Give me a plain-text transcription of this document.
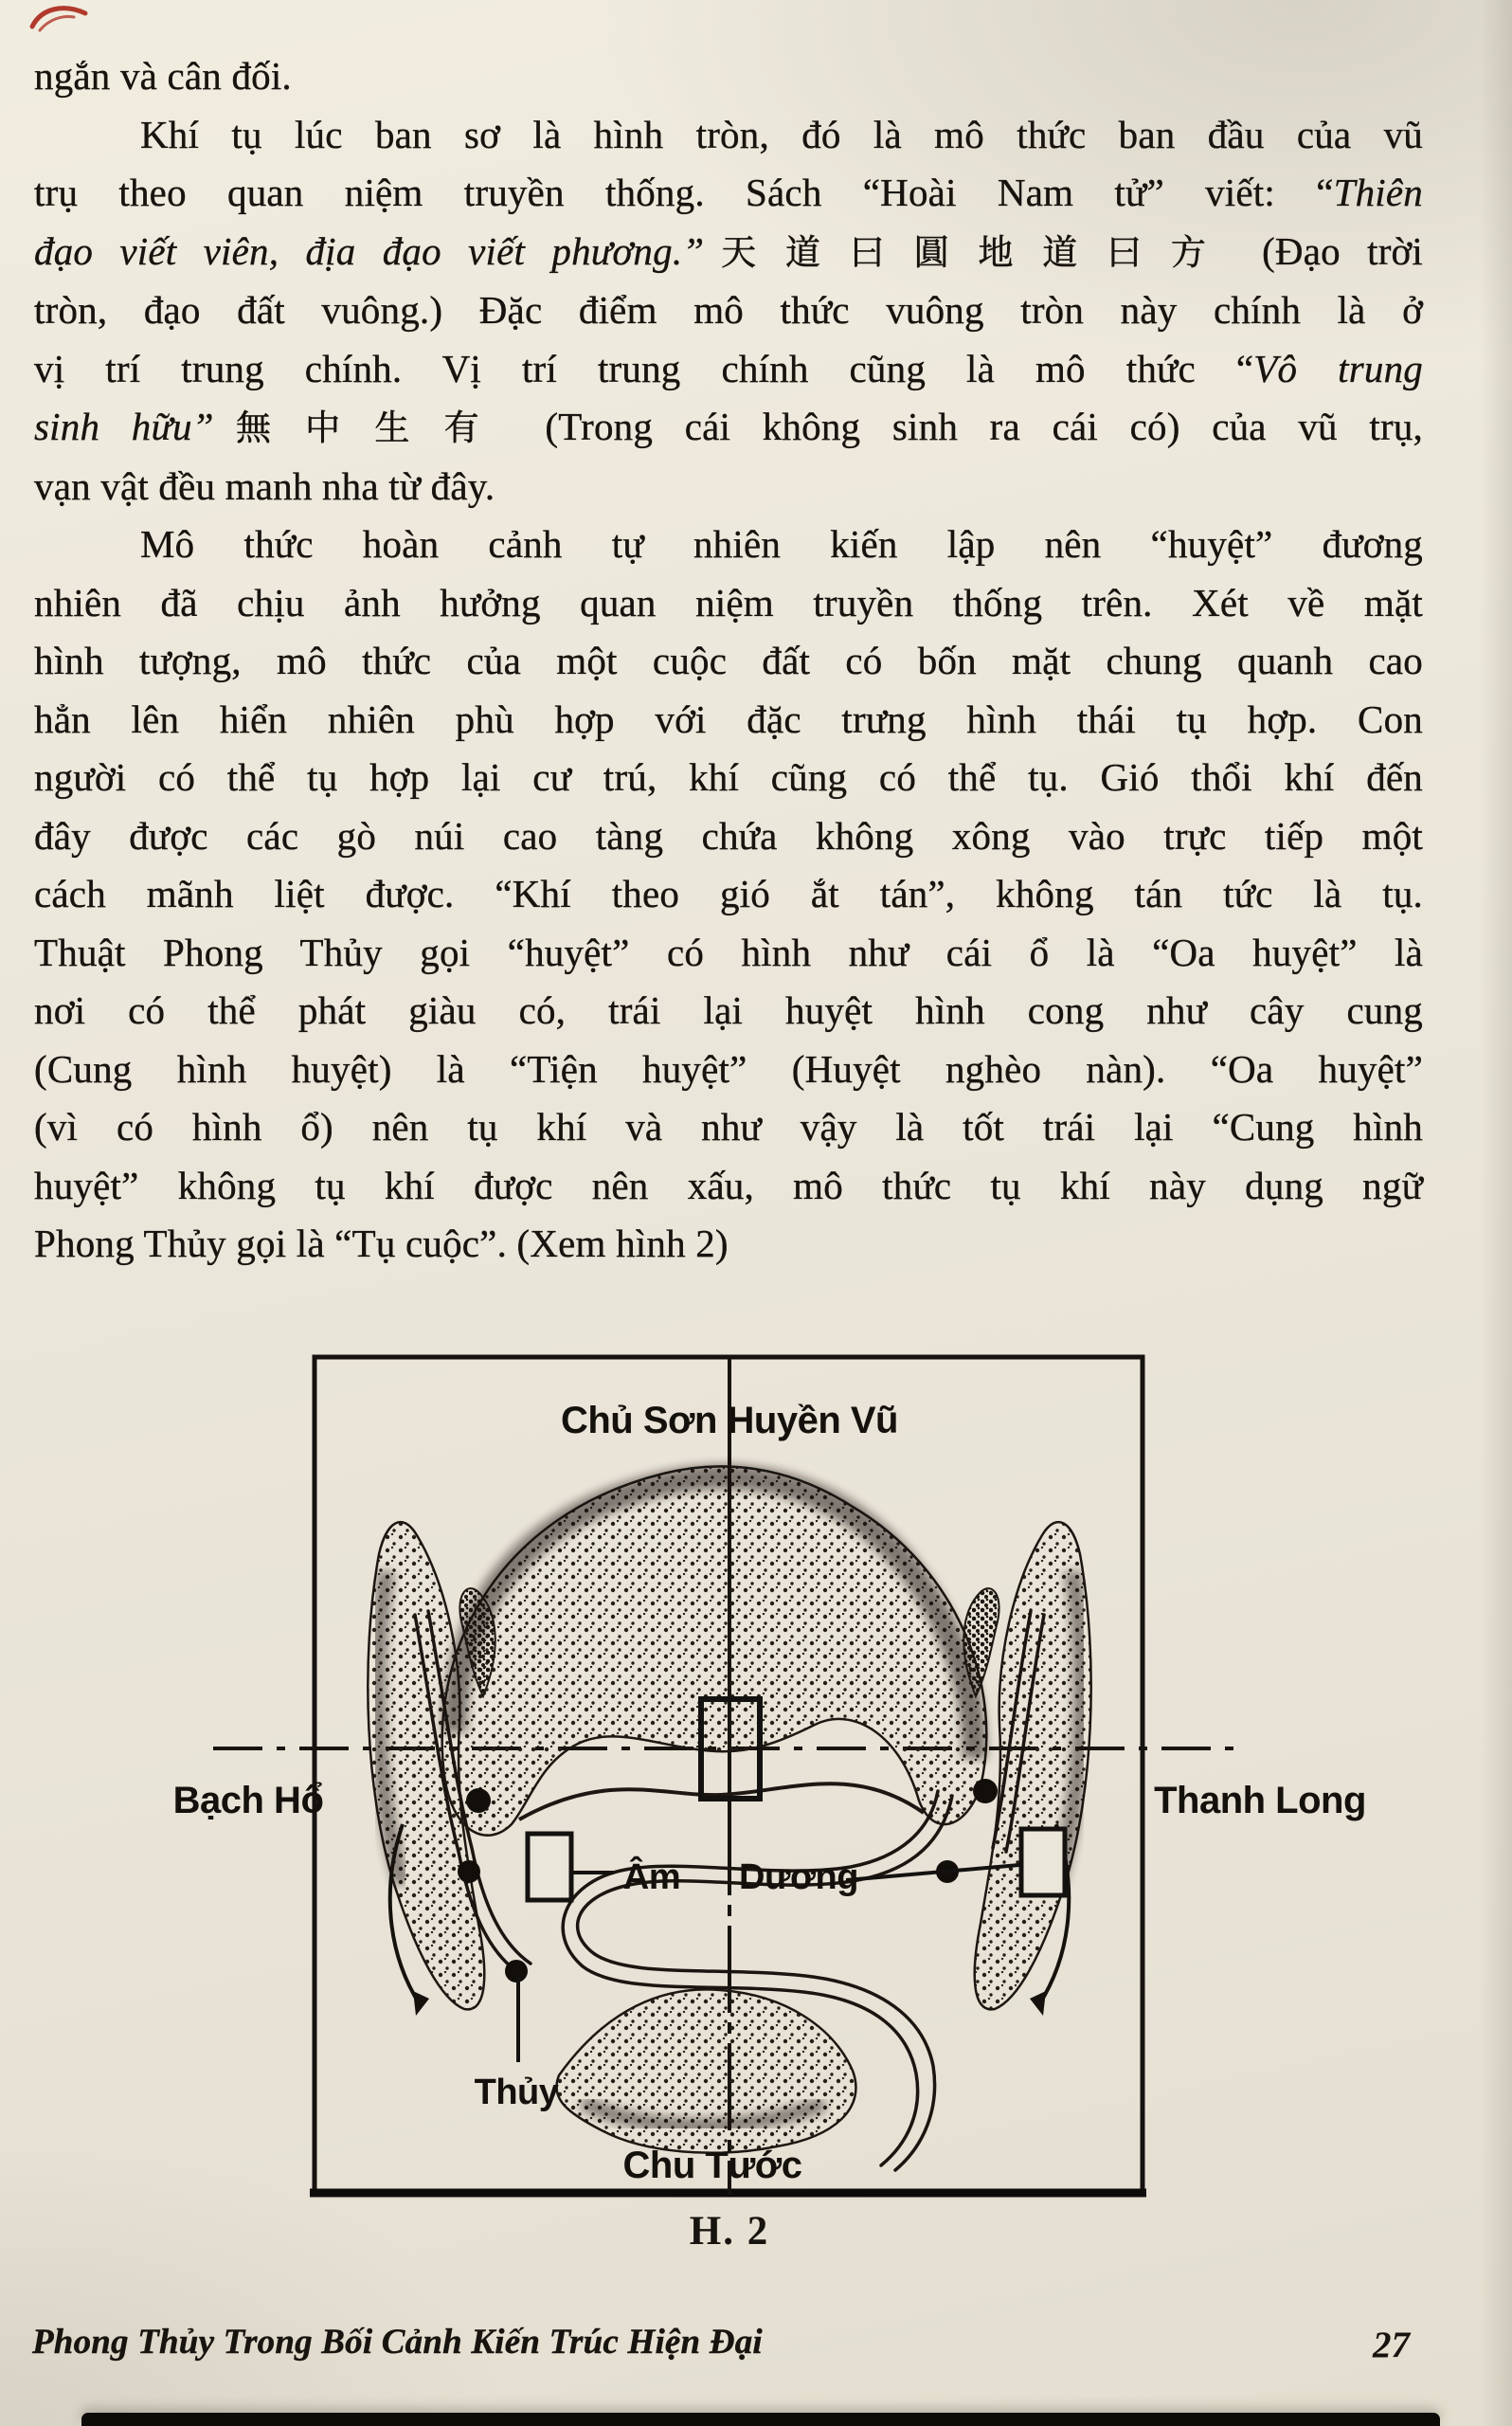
ngắn và cân đối.
Khí tụ lúc ban sơ là hình tròn, đó là mô thức ban đầu của vũ
trụ theo quan niệm truyền thống. Sách “Hoài Nam tử” viết: “Thiên
đạo viết viên, địa đạo viết phương.”天道曰圓地道曰方 (Đạo trời
tròn, đạo đất vuông.) Đặc điểm mô thức vuông tròn này chính là ở
vị trí trung chính. Vị trí trung chính cũng là mô thức “Vô trung
sinh hữu”無中生有 (Trong cái không sinh ra cái có) của vũ trụ,
vạn vật đều manh nha từ đây.
Mô thức hoàn cảnh tự nhiên kiến lập nên “huyệt” đương
nhiên đã chịu ảnh hưởng quan niệm truyền thống trên. Xét về mặt
hình tượng, mô thức của một cuộc đất có bốn mặt chung quanh cao
hẳn lên hiển nhiên phù hợp với đặc trưng hình thái tụ hợp. Con
người có thể tụ hợp lại cư trú, khí cũng có thể tụ. Gió thổi khí đến
đây được các gò núi cao tàng chứa không xông vào trực tiếp một
cách mãnh liệt được. “Khí theo gió ắt tán”, không tán tức là tụ.
Thuật Phong Thủy gọi “huyệt” có hình như cái ổ là “Oa huyệt” là
nơi có thể phát giàu có, trái lại huyệt hình cong như cây cung
(Cung hình huyệt) là “Tiện huyệt” (Huyệt nghèo nàn). “Oa huyệt”
(vì có hình ổ) nên tụ khí và như vậy là tốt trái lại “Cung hình
huyệt” không tụ khí được nên xấu, mô thức tụ khí này dụng ngữ
Phong Thủy gọi là “Tụ cuộc”. (Xem hình 2)
Chủ Sơn Huyền Vũ
Bạch Hổ	Thanh Long
Âm Dương
Thủy
Chu Tước
H. 2
Phong Thủy Trong Bối Cảnh Kiến Trúc Hiện Đại	27
